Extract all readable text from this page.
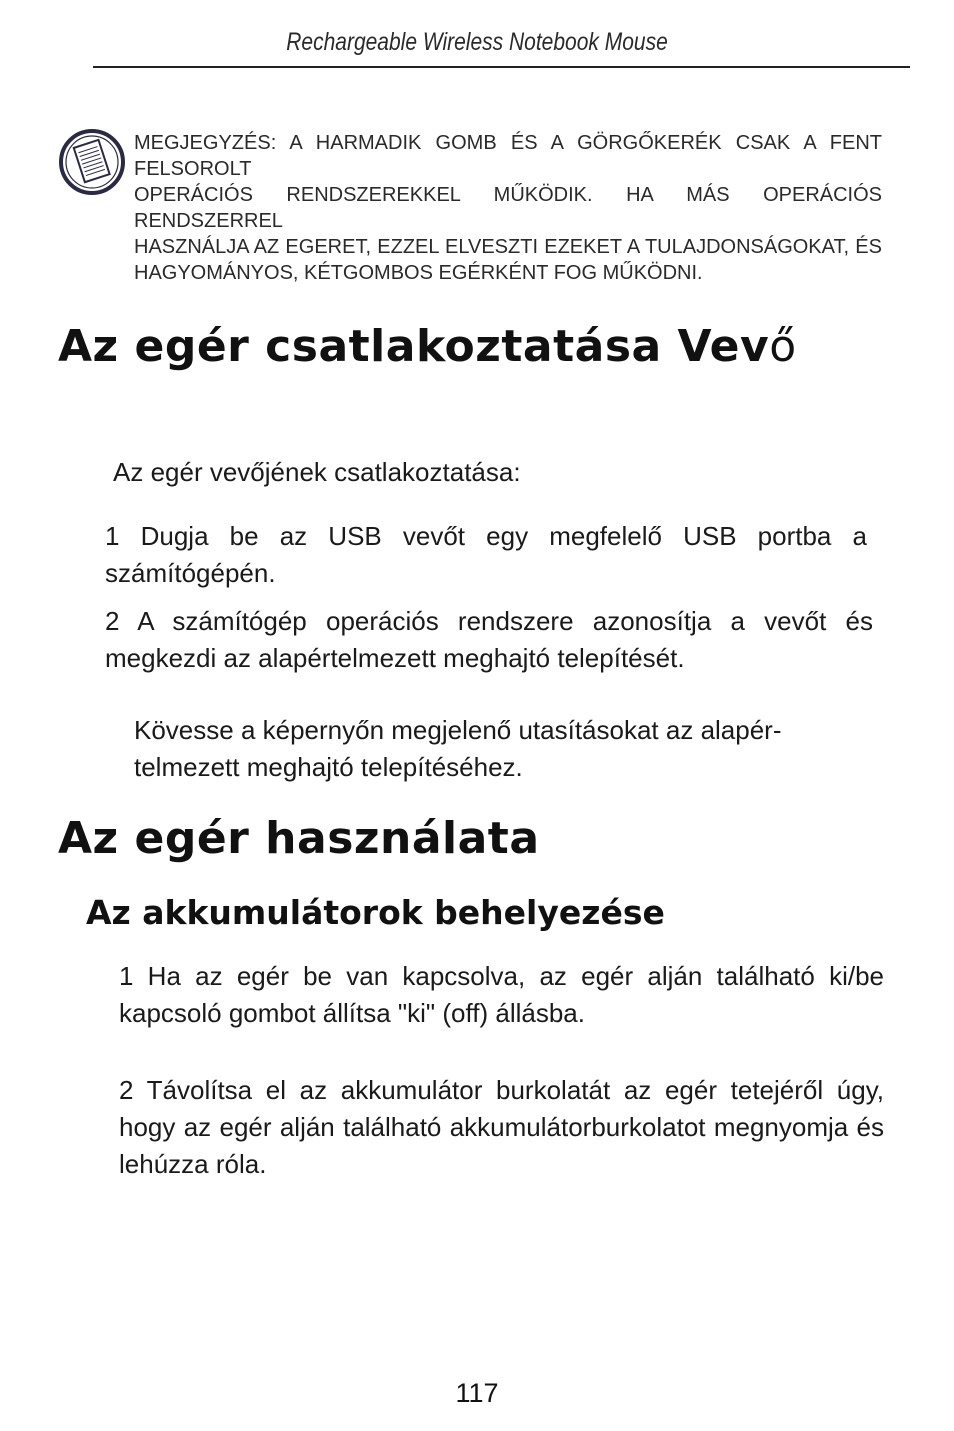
Rechargeable Wireless Notebook Mouse
MEGJEGYZÉS: A HARMADIK GOMB ÉS A GÖRGŐKERÉK CSAK A FENT FELSOROLT
OPERÁCIÓS RENDSZEREKKEL MŰKÖDIK. HA MÁS OPERÁCIÓS RENDSZERREL
HASZNÁLJA AZ EGERET, EZZEL ELVESZTI EZEKET A TULAJDONSÁGOKAT, ÉS
HAGYOMÁNYOS, KÉTGOMBOS EGÉRKÉNT FOG MŰKÖDNI.
Az egér csatlakoztatása Vevő
Az egér vevőjének csatlakoztatása:
1 Dugja be az USB vevőt egy megfelelő USB portba a számítógépén.
2 A számítógép operációs rendszere azonosítja a vevőt és megkezdi az alapértelmezett meghajtó telepítését.
Kövesse a képernyőn megjelenő utasításokat az alapér-
telmezett meghajtó telepítéséhez.
Az egér használata
Az akkumulátorok behelyezése
1 Ha az egér be van kapcsolva, az egér alján található ki/be kapcsoló gombot állítsa "ki" (off) állásba.
2 Távolítsa el az akkumulátor burkolatát az egér tetejéről úgy, hogy az egér alján található akkumulátorburkolatot megnyomja és lehúzza róla.
117
